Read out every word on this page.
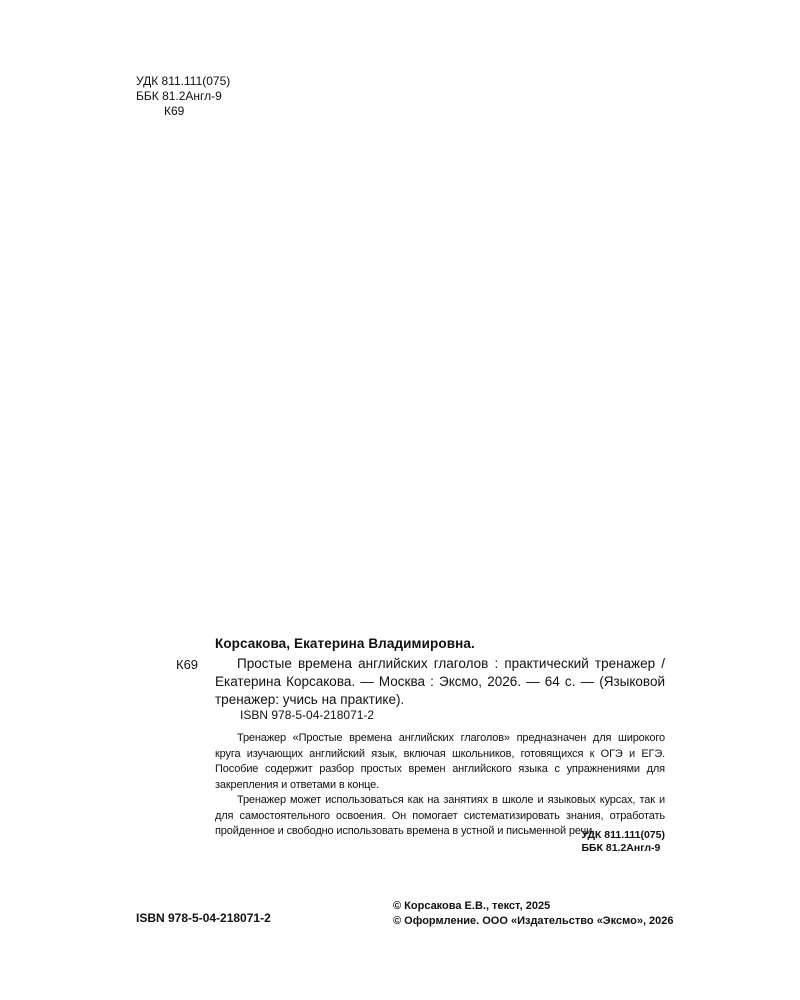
УДК 811.111(075)
ББК 81.2Англ-9
К69
Корсакова, Екатерина Владимировна.
К69	Простые времена английских глаголов : практический тренажер / Екатерина Корсакова. — Москва : Эксмо, 2026. — 64 с. — (Языковой тренажер: учись на практике).
ISBN 978-5-04-218071-2

Тренажер «Простые времена английских глаголов» предназначен для широкого круга изучающих английский язык, включая школьников, готовящихся к ОГЭ и ЕГЭ. Пособие содержит разбор простых времен английского языка с упражнениями для закрепления и ответами в конце.

Тренажер может использоваться как на занятиях в школе и языковых курсах, так и для самостоятельного освоения. Он помогает систематизировать знания, отработать пройденное и свободно использовать времена в устной и письменной речи.

УДК 811.111(075)
ББК 81.2Англ-9
ISBN 978-5-04-218071-2
© Корсакова Е.В., текст, 2025
© Оформление. ООО «Издательство «Эксмо», 2026
